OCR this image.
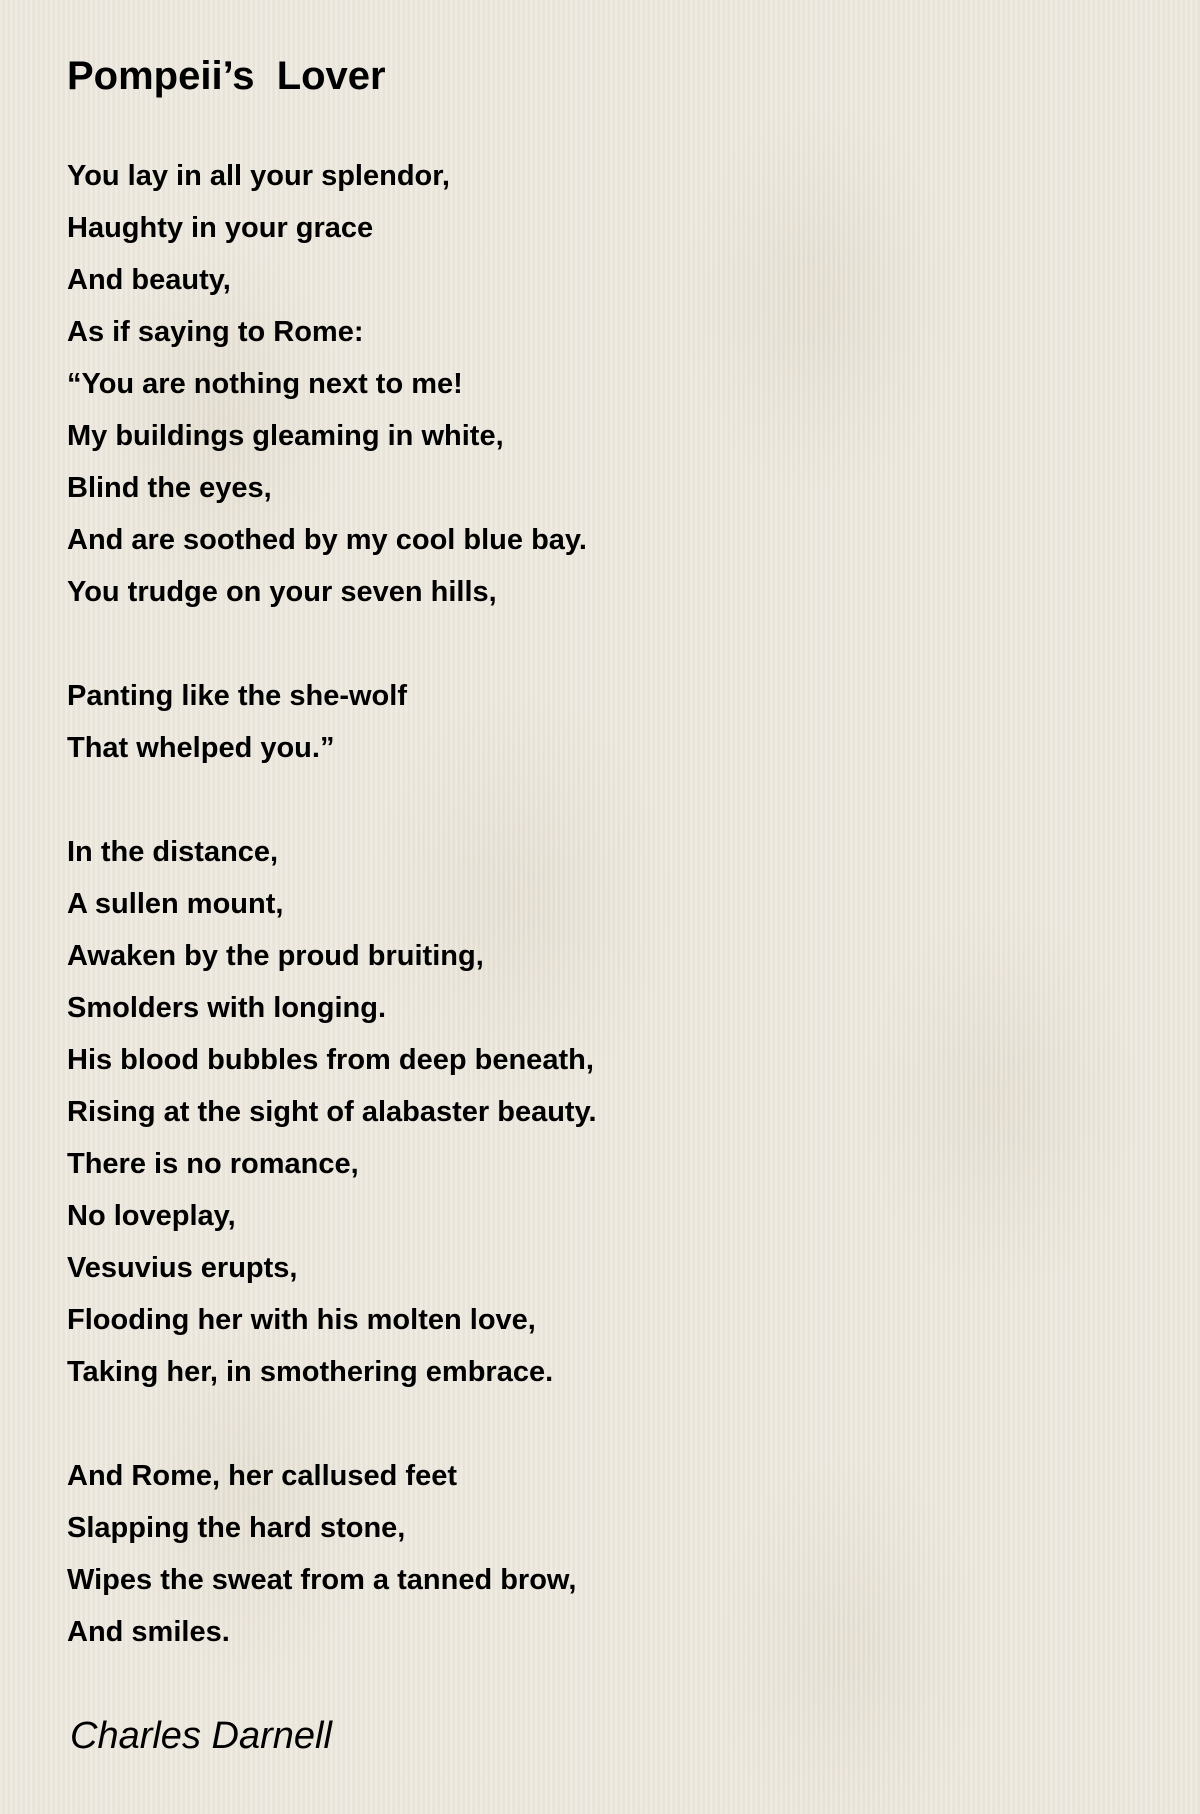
Pompeii’s  Lover
You lay in all your splendor,
Haughty in your grace
And beauty,
As if saying to Rome:
“You are nothing next to me!
My buildings gleaming in white,
Blind the eyes,
And are soothed by my cool blue bay.
You trudge on your seven hills,
Panting like the she-wolf
That whelped you.”
In the distance,
A sullen mount,
Awaken by the proud bruiting,
Smolders with longing.
His blood bubbles from deep beneath,
Rising at the sight of alabaster beauty.
There is no romance,
No loveplay,
Vesuvius erupts,
Flooding her with his molten love,
Taking her, in smothering embrace.
And Rome, her callused feet
Slapping the hard stone,
Wipes the sweat from a tanned brow,
And smiles.

Charles Darnell
